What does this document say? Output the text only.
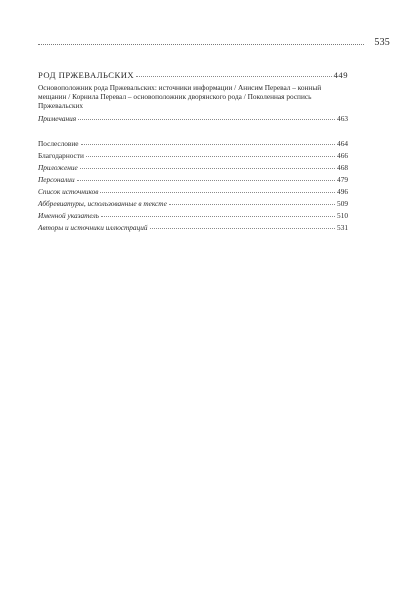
535
РОД ПРЖЕВАЛЬСКИХ	449

Основоположник рода Пржевальских: источники информации / Анисим Перевал – конный мещанин / Корнила Перевал – основоположник дворянского рода / Поколенная роспись Пржевальских

Примечания	463
Послесловие	464
Благодарности	466
Приложение	468
Персоналии	479
Список источников	496
Аббревиатуры, использованные в тексте	509
Именной указатель	510
Авторы и источники иллюстраций	531
